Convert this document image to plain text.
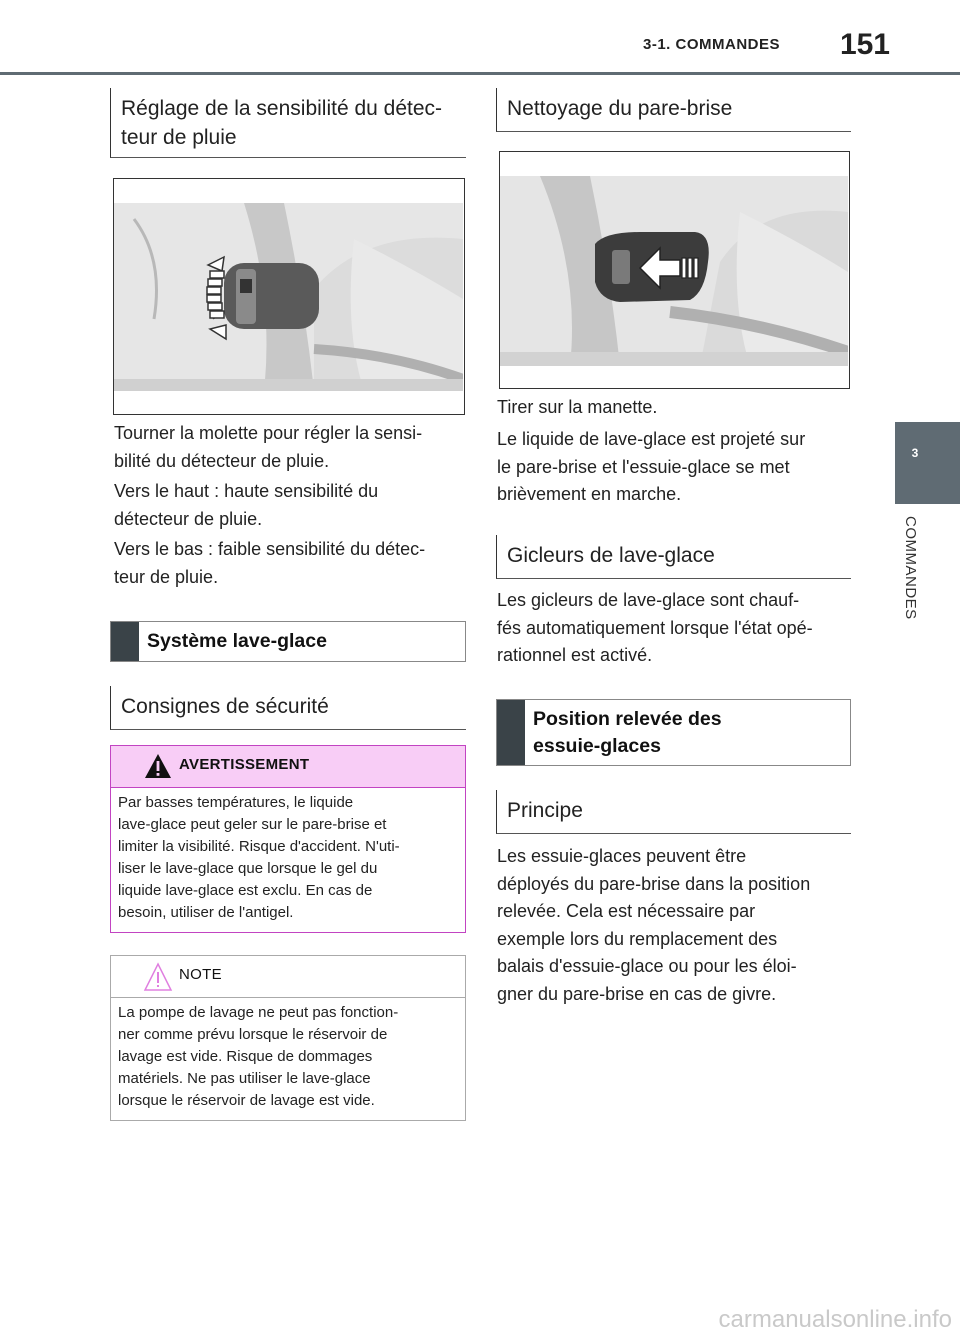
3-1. COMMANDES	151
3
COMMANDES
Réglage de la sensibilité du détec-
teur de pluie
Tourner la molette pour régler la sensi-
bilité du détecteur de pluie.
Vers le haut : haute sensibilité du
détecteur de pluie.
Vers le bas : faible sensibilité du détec-
teur de pluie.
Système lave-glace
Consignes de sécurité
AVERTISSEMENT
Par basses températures, le liquide
lave-glace peut geler sur le pare-brise et
limiter la visibilité. Risque d'accident. N'uti-
liser le lave-glace que lorsque le gel du
liquide lave-glace est exclu. En cas de
besoin, utiliser de l'antigel.
NOTE
La pompe de lavage ne peut pas fonction-
ner comme prévu lorsque le réservoir de
lavage est vide. Risque de dommages
matériels. Ne pas utiliser le lave-glace
lorsque le réservoir de lavage est vide.
Nettoyage du pare-brise
Tirer sur la manette.
Le liquide de lave-glace est projeté sur
le pare-brise et l'essuie-glace se met
brièvement en marche.
Gicleurs de lave-glace
Les gicleurs de lave-glace sont chauf-
fés automatiquement lorsque l'état opé-
rationnel est activé.
Position relevée des
essuie-glaces
Principe
Les essuie-glaces peuvent être
déployés du pare-brise dans la position
relevée. Cela est nécessaire par
exemple lors du remplacement des
balais d'essuie-glace ou pour les éloi-
gner du pare-brise en cas de givre.
carmanualsonline.info
